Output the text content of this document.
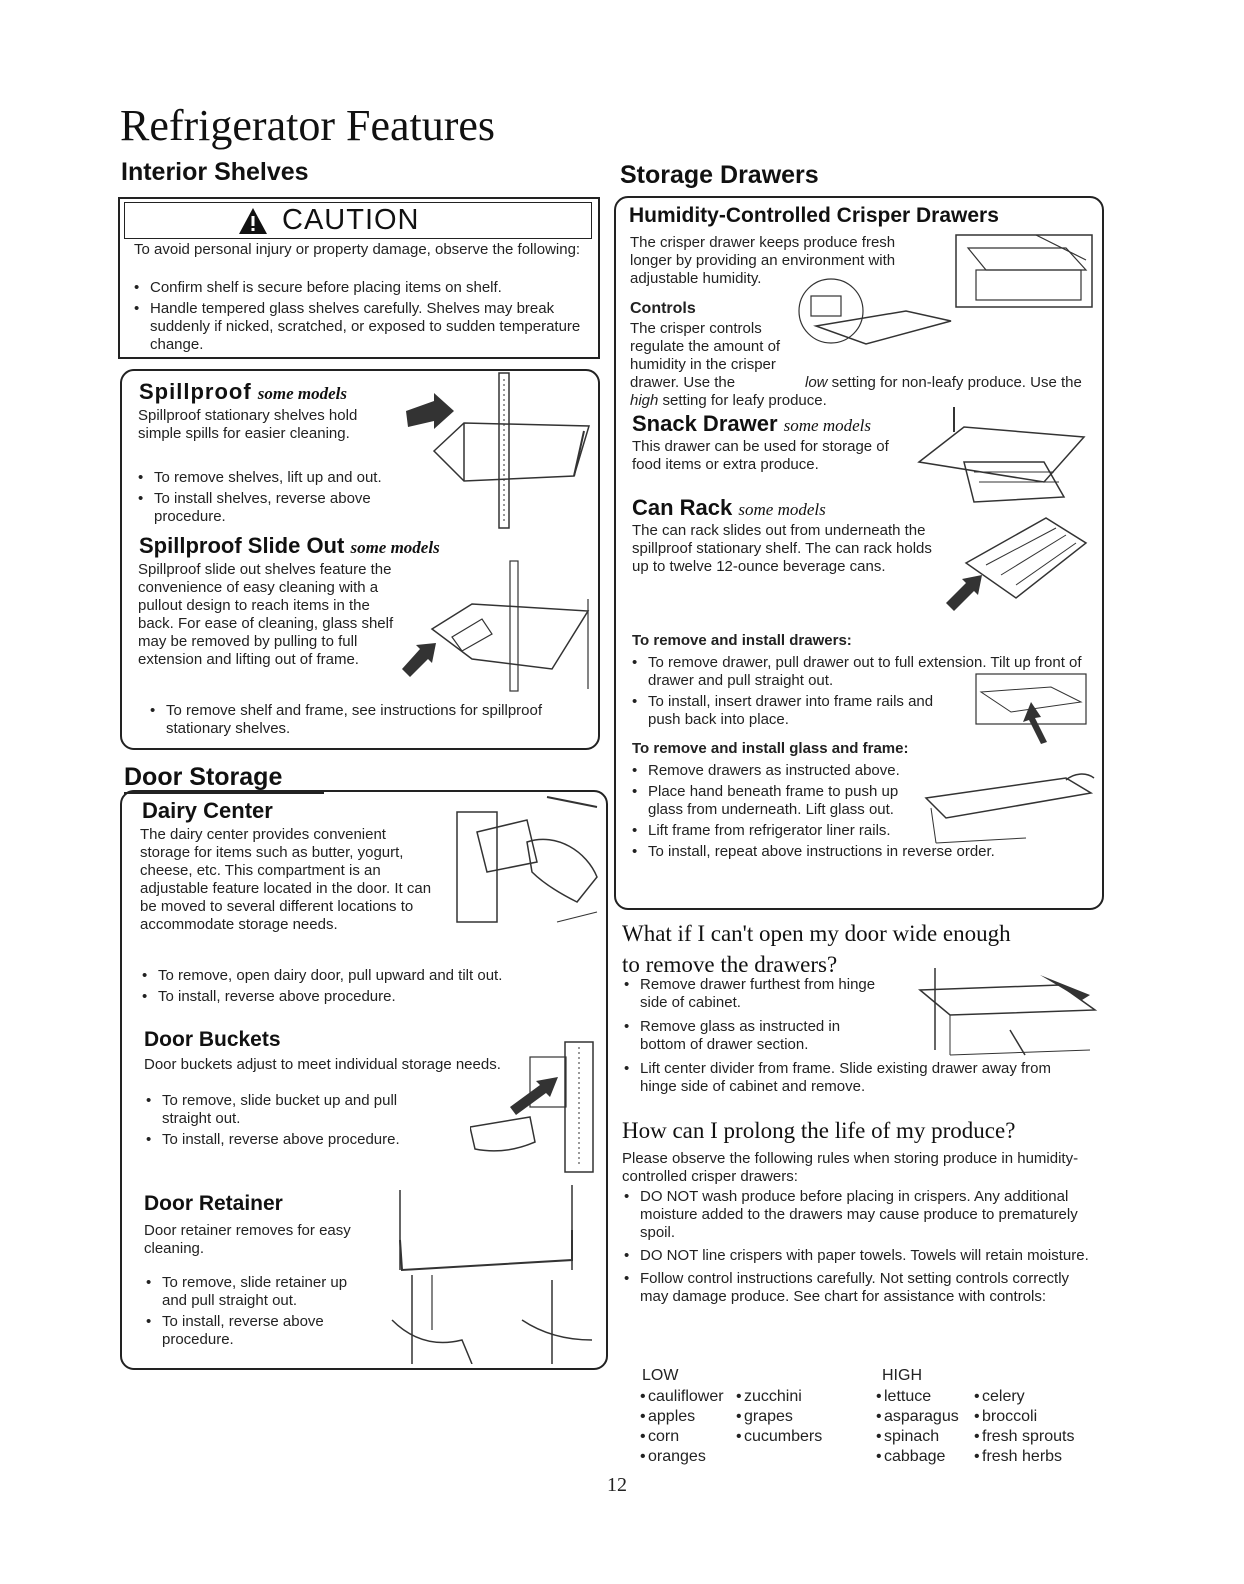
Refrigerator Features
Interior Shelves
CAUTION
To avoid personal injury or property damage, observe the following:
• Confirm shelf is secure before placing items on shelf.
• Handle tempered glass shelves carefully. Shelves may break suddenly if nicked, scratched, or exposed to sudden temperature change.
Spillproof some models
Spillproof stationary shelves hold simple spills for easier cleaning.
• To remove shelves, lift up and out.
• To install shelves, reverse above procedure.
Spillproof Slide Out some models
Spillproof slide out shelves feature the convenience of easy cleaning with a pullout design to reach items in the back. For ease of cleaning, glass shelf may be removed by pulling to full extension and lifting out of frame.
• To remove shelf and frame, see instructions for spillproof stationary shelves.
Door Storage
Dairy Center
The dairy center provides convenient storage for items such as butter, yogurt, cheese, etc. This compartment is an adjustable feature located in the door. It can be moved to several different locations to accommodate storage needs.
• To remove, open dairy door, pull upward and tilt out.
• To install, reverse above procedure.
Door Buckets
Door buckets adjust to meet individual storage needs.
• To remove, slide bucket up and pull straight out.
• To install, reverse above procedure.
Door Retainer
Door retainer removes for easy cleaning.
• To remove, slide retainer up and pull straight out.
• To install, reverse above procedure.
Storage Drawers
Humidity-Controlled Crisper Drawers
The crisper drawer keeps produce fresh longer by providing an environment with adjustable humidity.
Controls
The crisper controls regulate the amount of humidity in the crisper drawer. Use the	low setting for non-leafy produce. Use the high setting for leafy produce.
Snack Drawer some models
This drawer can be used for storage of food items or extra produce.
Can Rack some models
The can rack slides out from underneath the spillproof stationary shelf. The can rack holds up to twelve 12-ounce beverage cans.
To remove and install drawers:
• To remove drawer, pull drawer out to full extension. Tilt up front of drawer and pull straight out.
• To install, insert drawer into frame rails and push back into place.
To remove and install glass and frame:
• Remove drawers as instructed above.
• Place hand beneath frame to push up glass from underneath. Lift glass out.
• Lift frame from refrigerator liner rails.
• To install, repeat above instructions in reverse order.
What if I can't open my door wide enough to remove the drawers?
• Remove drawer furthest from hinge side of cabinet.
• Remove glass as instructed in bottom of drawer section.
• Lift center divider from frame. Slide existing drawer away from hinge side of cabinet and remove.
How can I prolong the life of my produce?
Please observe the following rules when storing produce in humidity-controlled crisper drawers:
• DO NOT wash produce before placing in crispers. Any additional moisture added to the drawers may cause produce to prematurely spoil.
• DO NOT line crispers with paper towels. Towels will retain moisture.
• Follow control instructions carefully. Not setting controls correctly may damage produce. See chart for assistance with controls:
LOW	HIGH
• cauliflower
• apples
• corn
• oranges
• zucchini
• grapes
• cucumbers
• lettuce
• asparagus
• spinach
• cabbage
• celery
• broccoli
• fresh sprouts
• fresh herbs
12
